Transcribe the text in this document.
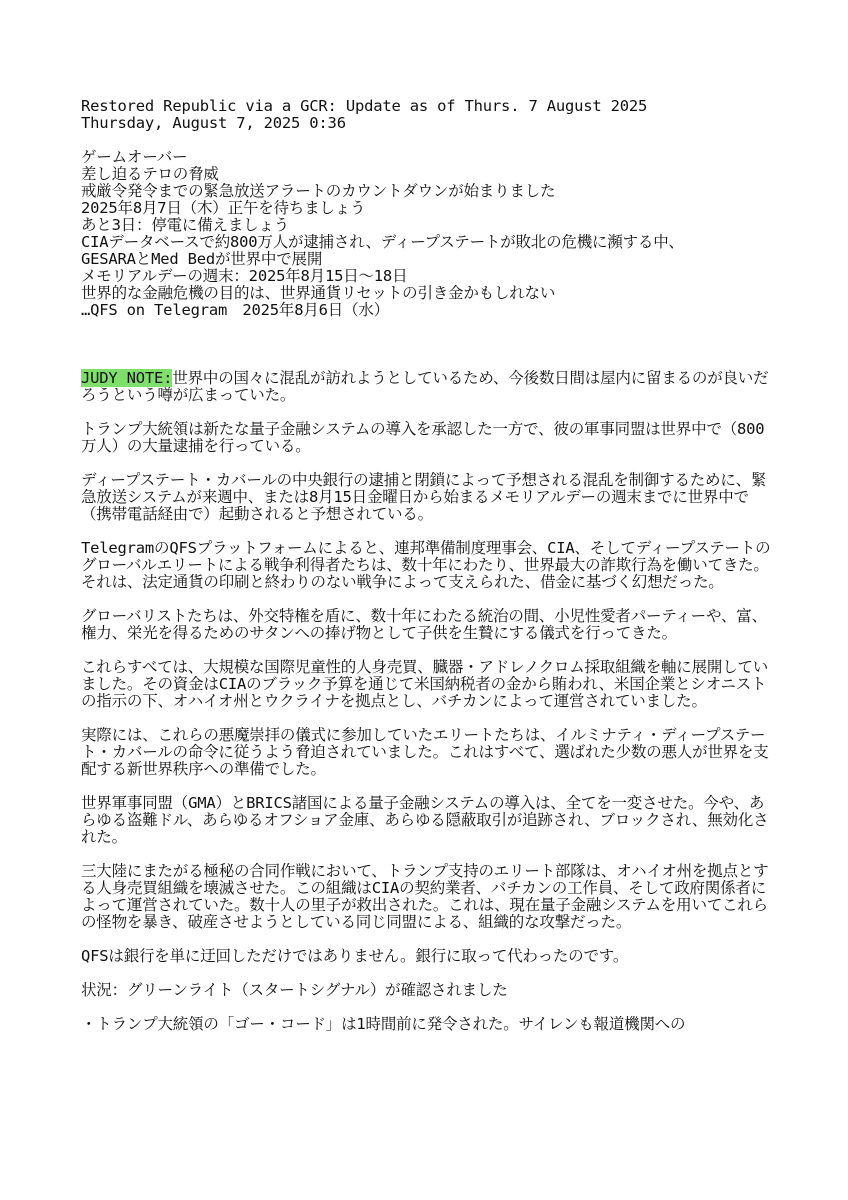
Restored Republic via a GCR: Update as of Thurs. 7 August 2025
Thursday, August 7, 2025 0:36
ゲームオーバー
差し迫るテロの脅威
戒厳令発令までの緊急放送アラートのカウントダウンが始まりました
2025年8月7日（木）正午を待ちましょう
あと3日：停電に備えましょう
CIAデータベースで約800万人が逮捕され、ディープステートが敗北の危機に瀕する中、
GESARAとMed Bedが世界中で展開
メモリアルデーの週末：2025年8月15日〜18日
世界的な金融危機の目的は、世界通貨リセットの引き金かもしれない
…QFS on Telegram　2025年8月6日（水）

JUDY NOTE:世界中の国々に混乱が訪れようとしているため、今後数日間は屋内に留まるのが良いだろうという噂が広まっていた。

トランプ大統領は新たな量子金融システムの導入を承認した一方で、彼の軍事同盟は世界中で（800万人）の大量逮捕を行っている。

ディープステート・カバールの中央銀行の逮捕と閉鎖によって予想される混乱を制御するために、緊急放送システムが来週中、または8月15日金曜日から始まるメモリアルデーの週末までに世界中で（携帯電話経由で）起動されると予想されている。

TelegramのQFSプラットフォームによると、連邦準備制度理事会、CIA、そしてディープステートのグローバルエリートによる戦争利得者たちは、数十年にわたり、世界最大の詐欺行為を働いてきた。それは、法定通貨の印刷と終わりのない戦争によって支えられた、借金に基づく幻想だった。

グローバリストたちは、外交特権を盾に、数十年にわたる統治の間、小児性愛者パーティーや、富、権力、栄光を得るためのサタンへの捧げ物として子供を生贄にする儀式を行ってきた。

これらすべては、大規模な国際児童性的人身売買、臓器・アドレノクロム採取組織を軸に展開していました。その資金はCIAのブラック予算を通じて米国納税者の金から賄われ、米国企業とシオニストの指示の下、オハイオ州とウクライナを拠点とし、バチカンによって運営されていました。

実際には、これらの悪魔崇拝の儀式に参加していたエリートたちは、イルミナティ・ディープステート・カバールの命令に従うよう脅迫されていました。これはすべて、選ばれた少数の悪人が世界を支配する新世界秩序への準備でした。

世界軍事同盟（GMA）とBRICS諸国による量子金融システムの導入は、全てを一変させた。今や、あらゆる盗難ドル、あらゆるオフショア金庫、あらゆる隠蔽取引が追跡され、ブロックされ、無効化された。

三大陸にまたがる極秘の合同作戦において、トランプ支持のエリート部隊は、オハイオ州を拠点とする人身売買組織を壊滅させた。この組織はCIAの契約業者、バチカンの工作員、そして政府関係者によって運営されていた。数十人の里子が救出された。これは、現在量子金融システムを用いてこれらの怪物を暴き、破産させようとしている同じ同盟による、組織的な攻撃だった。

QFSは銀行を単に迂回しただけではありません。銀行に取って代わったのです。

状況：グリーンライト（スタートシグナル）が確認されました

・トランプ大統領の「ゴー・コード」は1時間前に発令された。サイレンも報道機関への
